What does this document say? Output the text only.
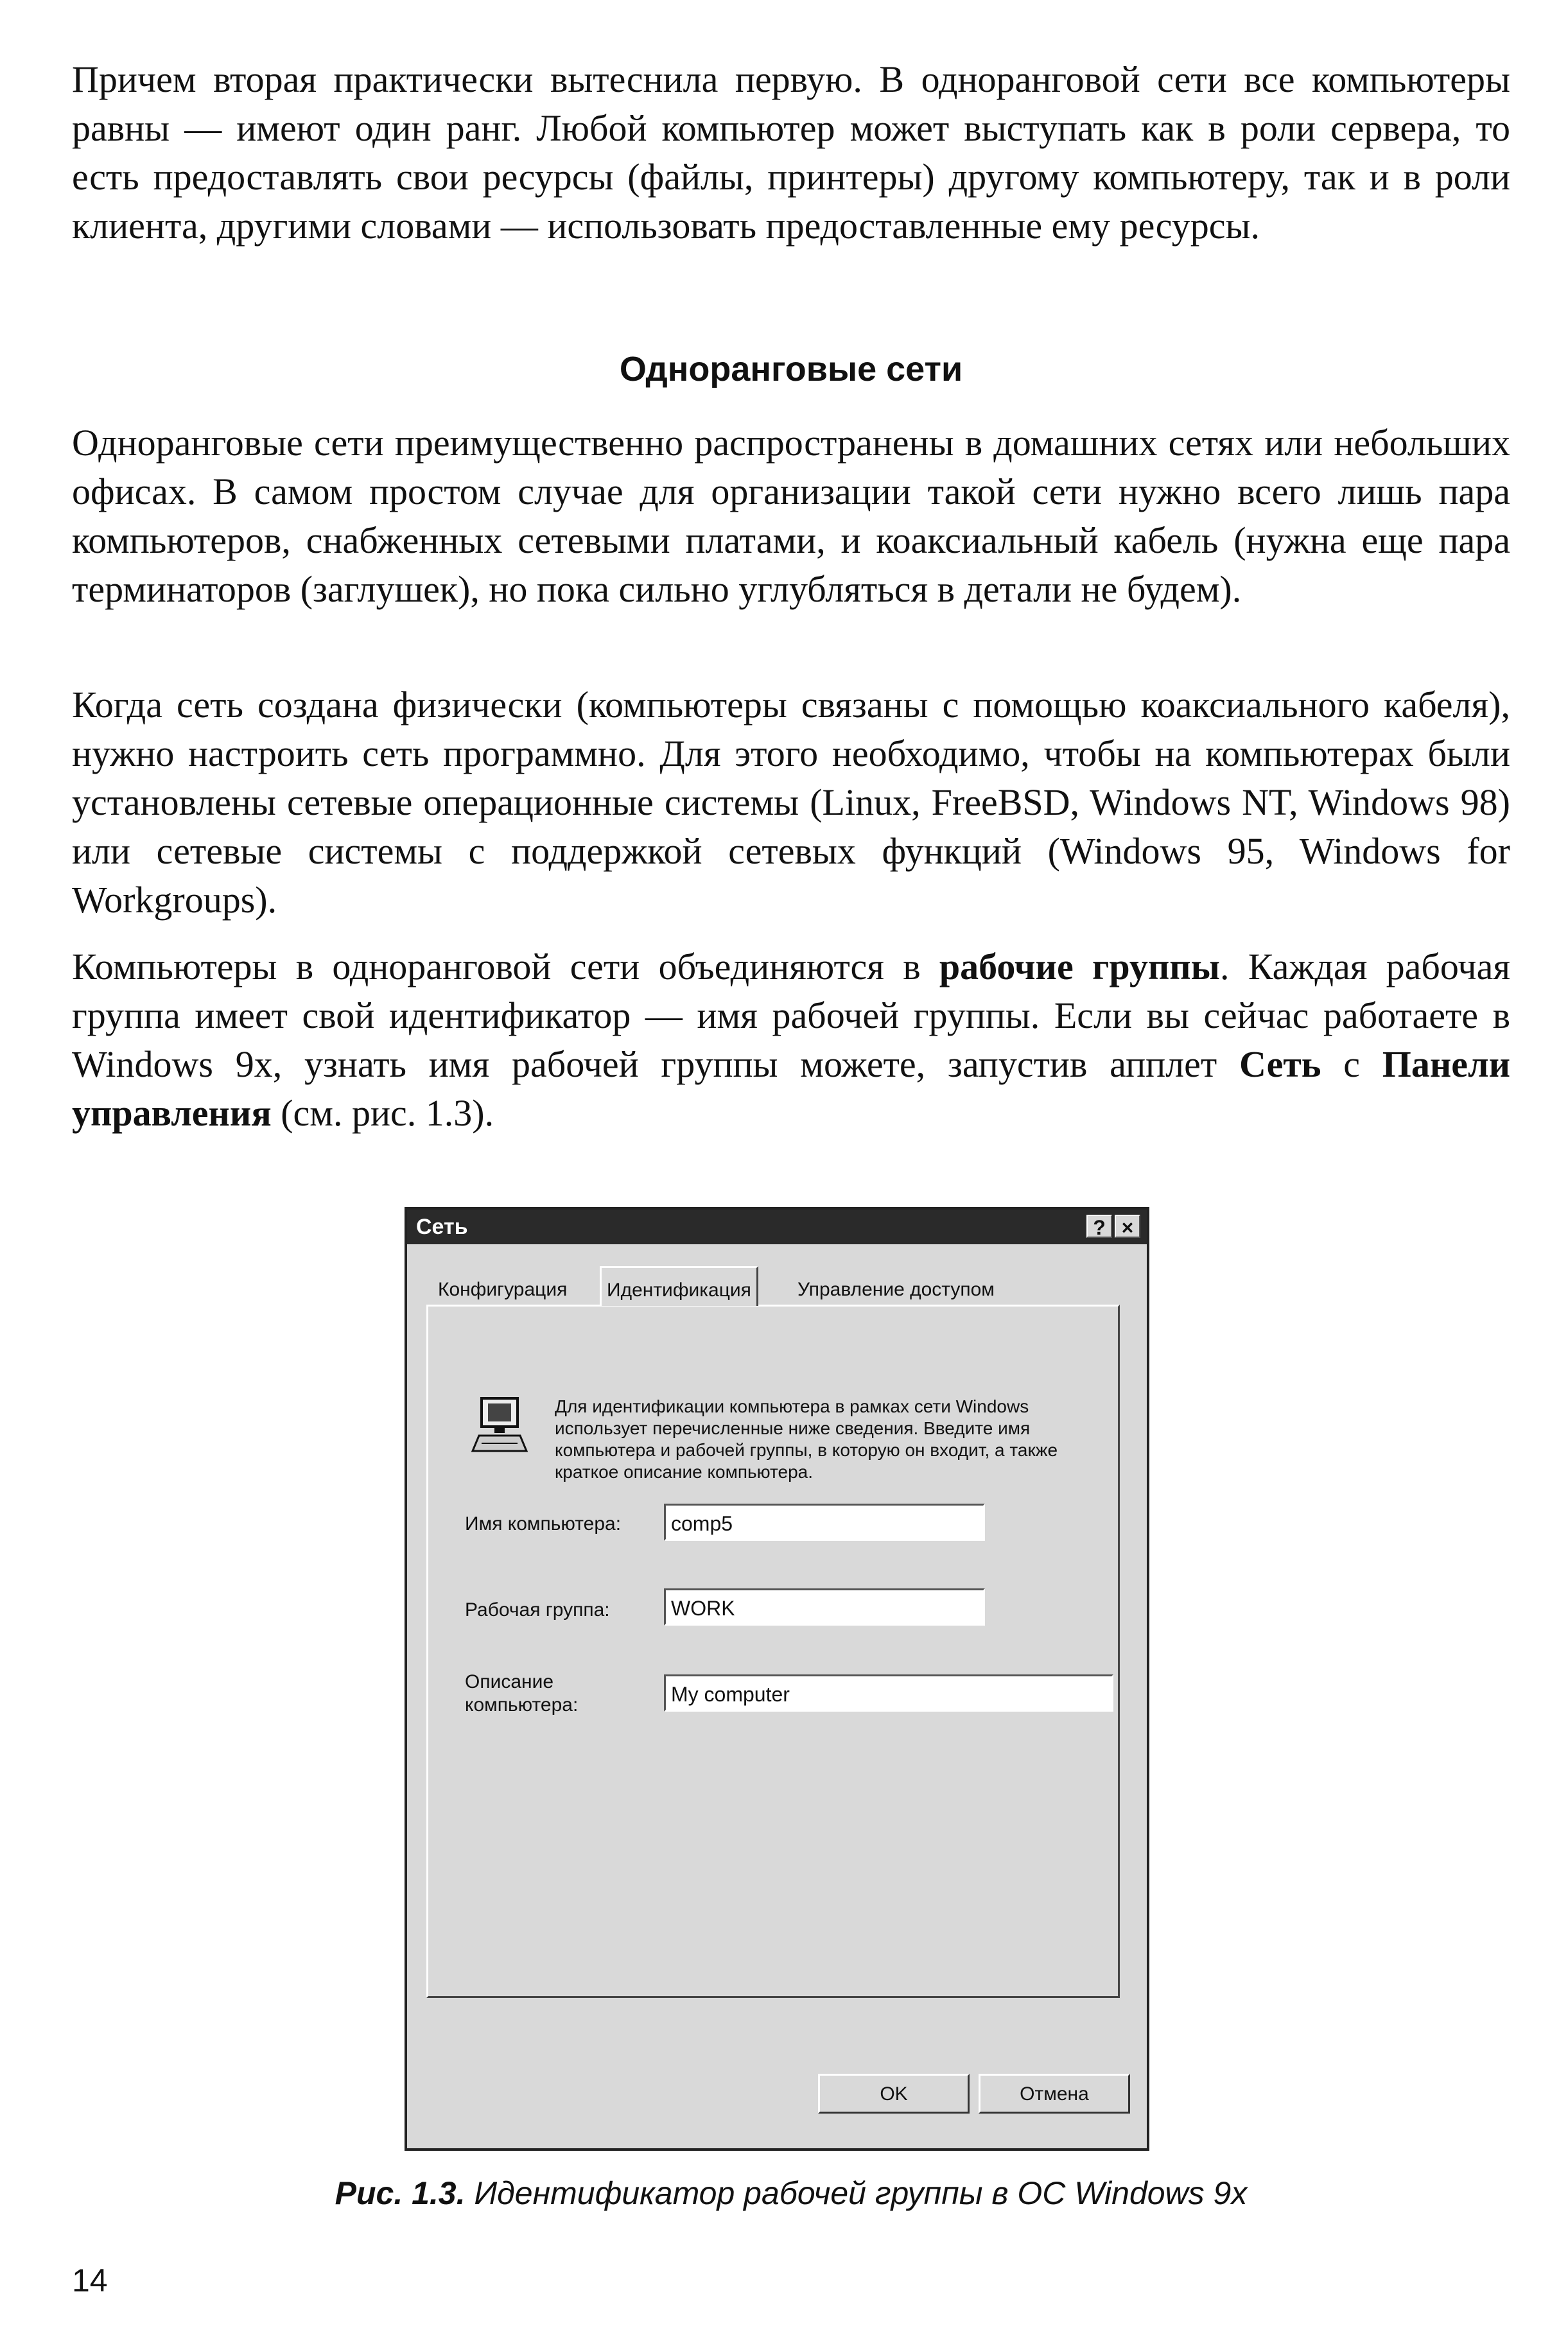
Причем вторая практически вытеснила первую. В одноранговой сети все компьютеры равны — имеют один ранг. Любой компьютер может выступать как в роли сервера, то есть предоставлять свои ресурсы (файлы, принтеры) другому компьютеру, так и в роли клиента, другими словами — использовать предоставленные ему ресурсы.

Одноранговые сети

Одноранговые сети преимущественно распространены в домашних сетях или небольших офисах. В самом простом случае для организации такой сети нужно всего лишь пара компьютеров, снабженных сетевыми платами, и коаксиальный кабель (нужна еще пара терминаторов (заглушек), но пока сильно углубляться в детали не будем).

Когда сеть создана физически (компьютеры связаны с помощью коаксиального кабеля), нужно настроить сеть программно. Для этого необходимо, чтобы на компьютерах были установлены сетевые операционные системы (Linux, FreeBSD, Windows NT, Windows 98) или сетевые системы с поддержкой сетевых функций (Windows 95, Windows for Workgroups).

Компьютеры в одноранговой сети объединяются в рабочие группы. Каждая рабочая группа имеет свой идентификатор — имя рабочей группы. Если вы сейчас работаете в Windows 9x, узнать имя рабочей группы можете, запустив апплет Сеть с Панели управления (см. рис. 1.3).

Сеть	? ×
Конфигурация	Идентификация	Управление доступом
Для идентификации компьютера в рамках сети Windows использует перечисленные ниже сведения. Введите имя компьютера и рабочей группы, в которую он входит, а также краткое описание компьютера.
Имя компьютера:	comp5
Рабочая группа:	WORK
Описание компьютера:	My computer
OK	Отмена

Рис. 1.3. Идентификатор рабочей группы в ОС Windows 9x

14
